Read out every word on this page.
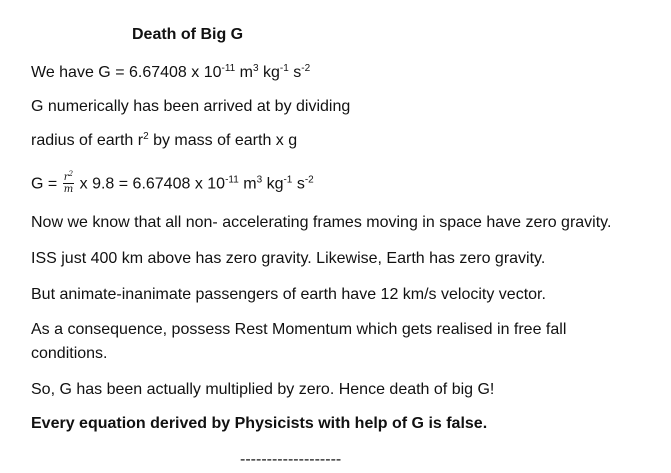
Death of Big G
We have G = 6.67408 x $10^{-11}$ $m^3$ $kg^{-1}$ $s^{-2}$
G numerically has been arrived at by dividing
radius of earth $r^2$ by mass of earth x g
$G = \frac{r^2}{m}$ x 9.8 = 6.67408 x $10^{-11}$ $m^3$ $kg^{-1}$ $s^{-2}$
Now we know that all non- accelerating frames moving in space have zero gravity.
ISS just 400 km above has zero gravity. Likewise, Earth has zero gravity.
But animate-inanimate passengers of earth have 12 km/s velocity vector.
As a consequence, possess Rest Momentum which gets realised in free fall
conditions.
So, G has been actually multiplied by zero. Hence death of big G!
Every equation derived by Physicists with help of G is false.
-------------------
